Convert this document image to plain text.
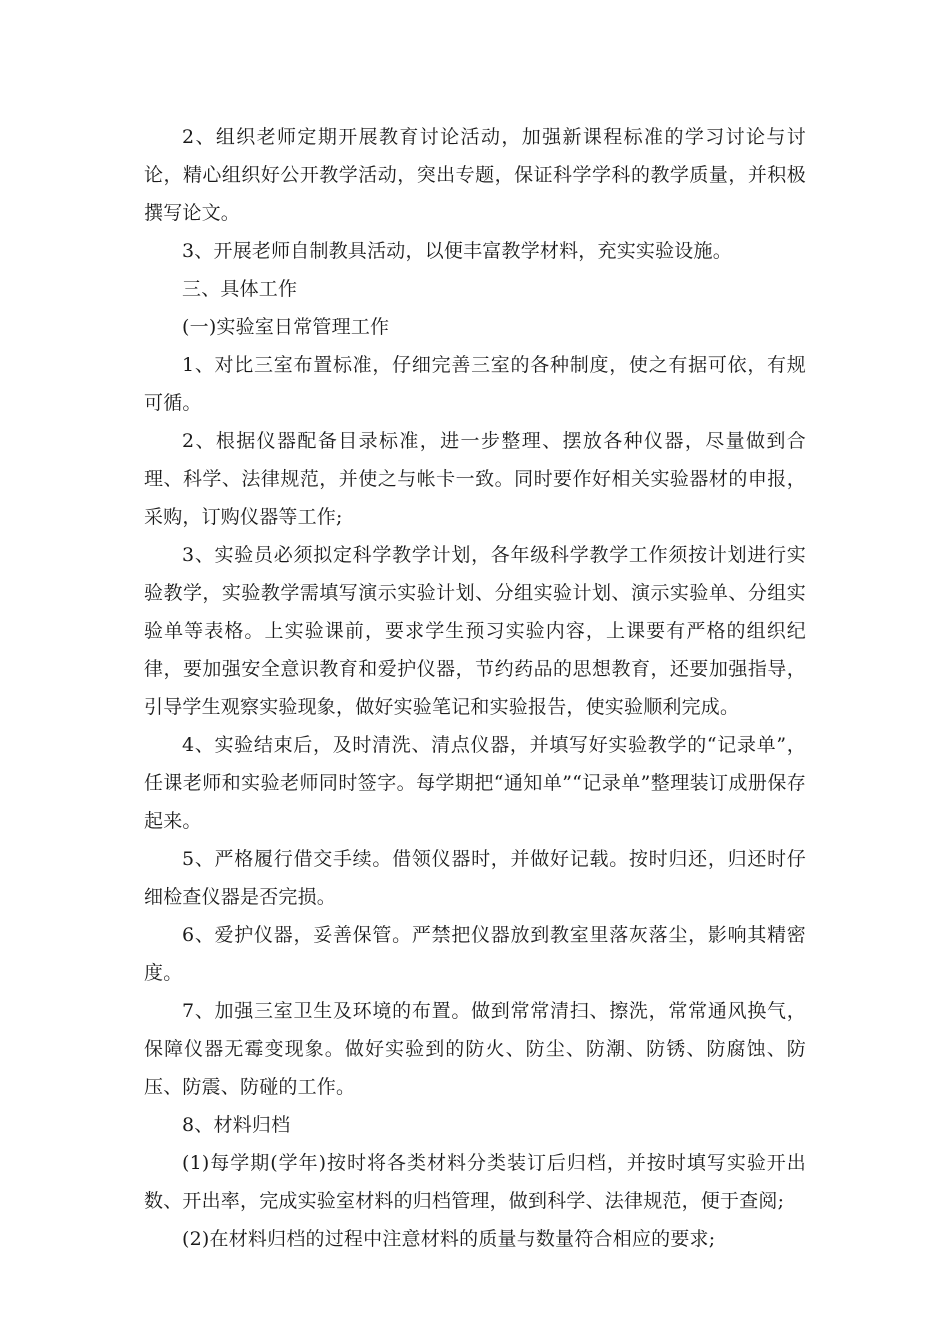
2、组织老师定期开展教育讨论活动，加强新课程标准的学习讨论与讨论，精心组织好公开教学活动，突出专题，保证科学学科的教学质量，并积极撰写论文。

3、开展老师自制教具活动，以便丰富教学材料，充实实验设施。

三、具体工作

(一)实验室日常管理工作

1、对比三室布置标准，仔细完善三室的各种制度，使之有据可依，有规可循。

2、根据仪器配备目录标准，进一步整理、摆放各种仪器，尽量做到合理、科学、法律规范，并使之与帐卡一致。同时要作好相关实验器材的申报，采购，订购仪器等工作;

3、实验员必须拟定科学教学计划，各年级科学教学工作须按计划进行实验教学，实验教学需填写演示实验计划、分组实验计划、演示实验单、分组实验单等表格。上实验课前，要求学生预习实验内容，上课要有严格的组织纪律，要加强安全意识教育和爱护仪器，节约药品的思想教育，还要加强指导，引导学生观察实验现象，做好实验笔记和实验报告，使实验顺利完成。

4、实验结束后，及时清洗、清点仪器，并填写好实验教学的“记录单”，任课老师和实验老师同时签字。每学期把“通知单”“记录单”整理装订成册保存起来。

5、严格履行借交手续。借领仪器时，并做好记载。按时归还，归还时仔细检查仪器是否完损。

6、爱护仪器，妥善保管。严禁把仪器放到教室里落灰落尘，影响其精密度。

7、加强三室卫生及环境的布置。做到常常清扫、擦洗，常常通风换气，保障仪器无霉变现象。做好实验到的防火、防尘、防潮、防锈、防腐蚀、防压、防震、防碰的工作。

8、材料归档

(1)每学期(学年)按时将各类材料分类装订后归档，并按时填写实验开出数、开出率，完成实验室材料的归档管理，做到科学、法律规范，便于查阅;

(2)在材料归档的过程中注意材料的质量与数量符合相应的要求;
